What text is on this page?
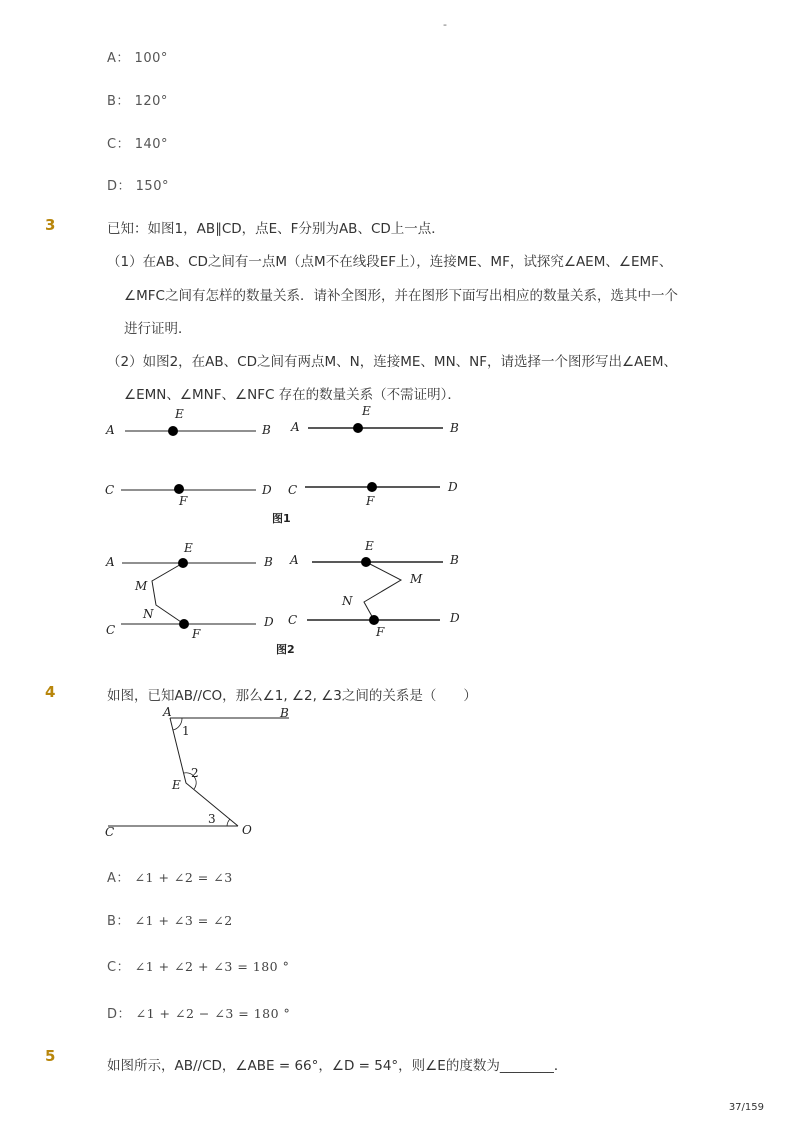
-
A： 100°
B： 120°
C： 140°
D： 150°
3	已知：如图1，AB∥CD，点E、F分别为AB、CD上一点．
（1）在AB、CD之间有一点M（点M不在线段EF上），连接ME、MF，试探究∠AEM、∠EMF、
∠MFC之间有怎样的数量关系．请补全图形，并在图形下面写出相应的数量关系，选其中一个
进行证明．
（2）如图2，在AB、CD之间有两点M、N，连接ME、MN、NF，请选择一个图形写出∠AEM、
∠EMN、∠MNF、∠NFC 存在的数量关系（不需证明）．
A	B
C	D
E
F
A	B
C	D
E
F
图1
A	B
C
D
E
F
M
N
A	B
C	D
E
F
M
N
图2
4	如图，已知AB//CO，那么∠1, ∠2, ∠3之间的关系是（　　）
A	B
C	O
E
1
2
3
A： ∠1 + ∠2 = ∠3
B： ∠1 + ∠3 = ∠2
C： ∠1 + ∠2 + ∠3 = 180 °
D： ∠1 + ∠2 − ∠3 = 180 °
5
如图所示，AB//CD，∠ABE = 66°，∠D = 54°，则∠E的度数为________．
37/159
